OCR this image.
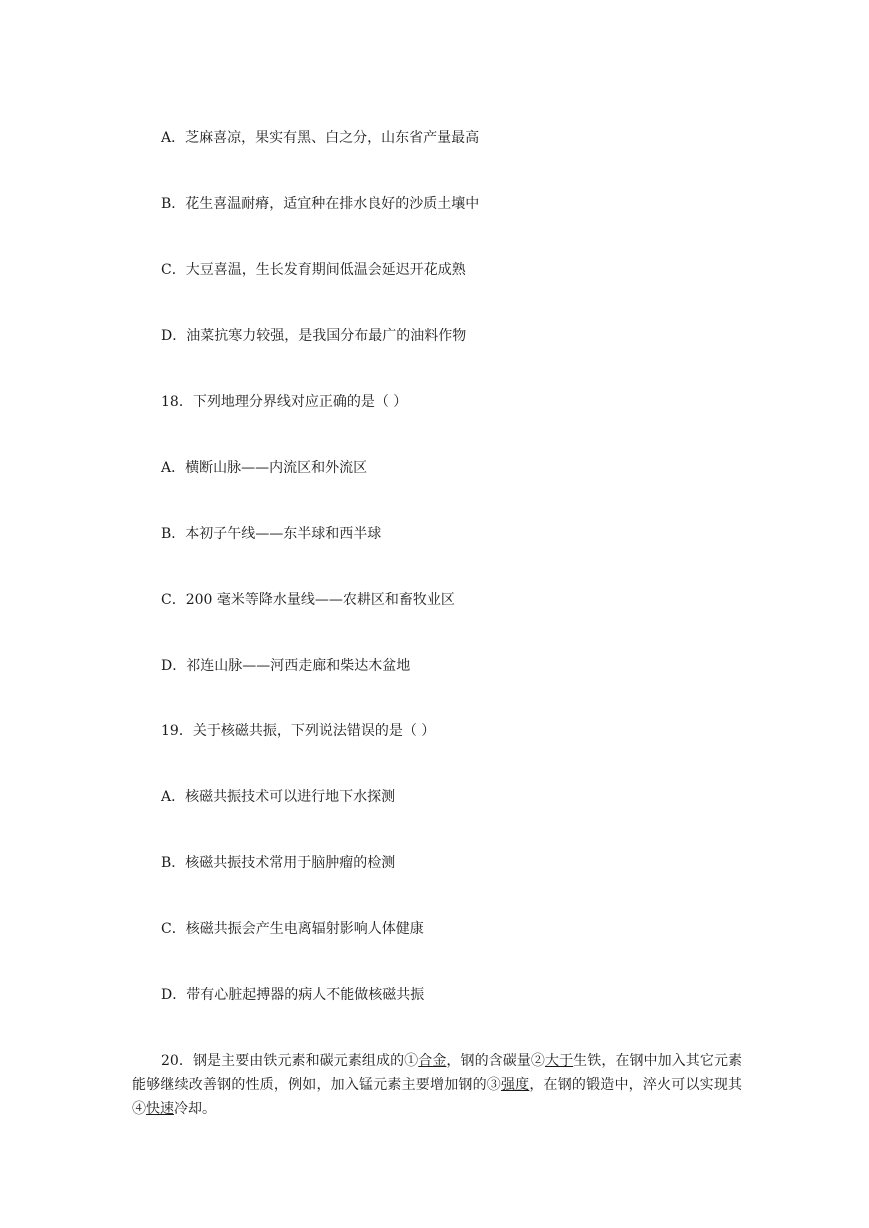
A．芝麻喜凉，果实有黑、白之分，山东省产量最高
B．花生喜温耐瘠，适宜种在排水良好的沙质土壤中
C．大豆喜温，生长发育期间低温会延迟开花成熟
D．油菜抗寒力较强，是我国分布最广的油料作物
18．下列地理分界线对应正确的是（ ）
A．横断山脉——内流区和外流区
B．本初子午线——东半球和西半球
C．200 毫米等降水量线——农耕区和畜牧业区
D．祁连山脉——河西走廊和柴达木盆地
19．关于核磁共振，下列说法错误的是（ ）
A．核磁共振技术可以进行地下水探测
B．核磁共振技术常用于脑肿瘤的检测
C．核磁共振会产生电离辐射影响人体健康
D．带有心脏起搏器的病人不能做核磁共振
20．钢是主要由铁元素和碳元素组成的①合金，钢的含碳量②大于生铁，在钢中加入其它元素能够继续改善钢的性质，例如，加入锰元素主要增加钢的③强度，在钢的锻造中，淬火可以实现其④快速冷却。
